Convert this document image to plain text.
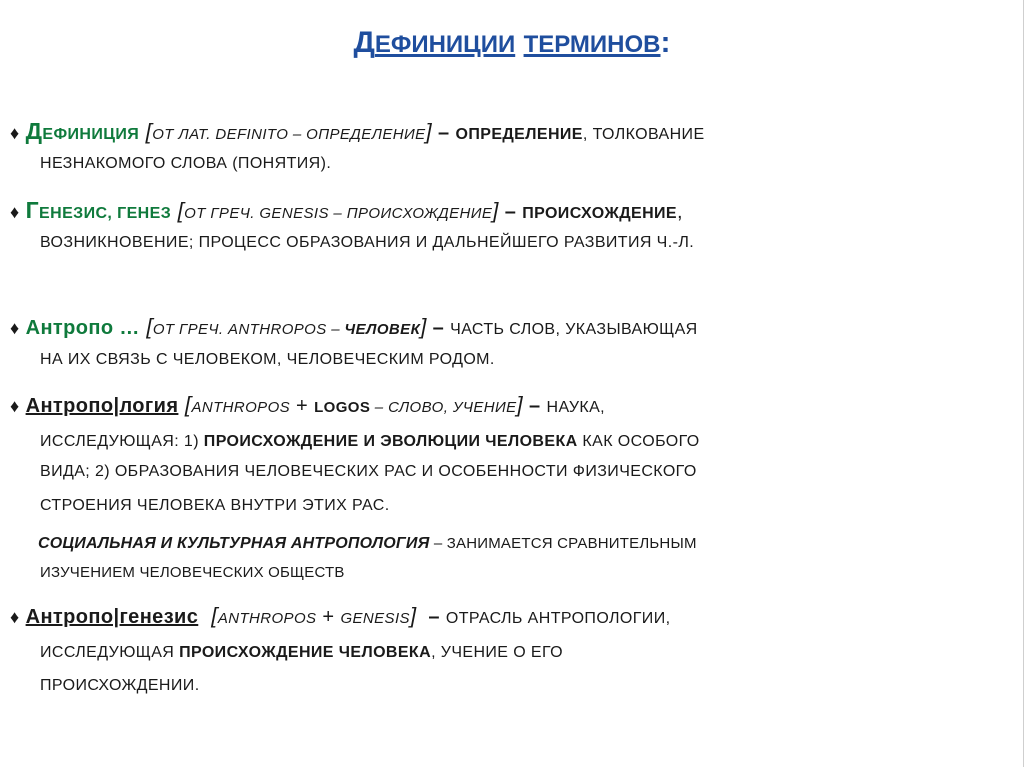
ДЕФИНИЦИИ ТЕРМИНОВ:
♦ ДЕФИНИЦИЯ [ОТ ЛАТ. DEFINITO – ОПРЕДЕЛЕНИЕ] – ОПРЕДЕЛЕНИЕ, ТОЛКОВАНИЕ
НЕЗНАКОМОГО СЛОВА (ПОНЯТИЯ).
♦ ГЕНЕЗИС, ГЕНЕЗ [ОТ ГРЕЧ. GENESIS – ПРОИСХОЖДЕНИЕ] – ПРОИСХОЖДЕНИЕ,
ВОЗНИКНОВЕНИЕ; ПРОЦЕСС ОБРАЗОВАНИЯ И ДАЛЬНЕЙШЕГО РАЗВИТИЯ Ч.-Л.
♦ Антропо … [ОТ ГРЕЧ. ANTHROPOS – ЧЕЛОВЕК] – ЧАСТЬ СЛОВ, УКАЗЫВАЮЩАЯ
НА ИХ СВЯЗЬ С ЧЕЛОВЕКОМ, ЧЕЛОВЕЧЕСКИМ РОДОМ.
♦ Антропо|логия [ANTHROPOS + LOGOS – СЛОВО, УЧЕНИЕ] – НАУКА,
ИССЛЕДУЮЩАЯ: 1) ПРОИСХОЖДЕНИЕ И ЭВОЛЮЦИИ ЧЕЛОВЕКА КАК ОСОБОГО
ВИДА; 2) ОБРАЗОВАНИЯ ЧЕЛОВЕЧЕСКИХ РАС И ОСОБЕННОСТИ ФИЗИЧЕСКОГО
СТРОЕНИЯ ЧЕЛОВЕКА ВНУТРИ ЭТИХ РАС.
СОЦИАЛЬНАЯ И КУЛЬТУРНАЯ АНТРОПОЛОГИЯ – ЗАНИМАЕТСЯ СРАВНИТЕЛЬНЫМ
ИЗУЧЕНИЕМ ЧЕЛОВЕЧЕСКИХ ОБЩЕСТВ
♦ Антропо|генезис  [ANTHROPOS + GENESIS]  – ОТРАСЛЬ АНТРОПОЛОГИИ,
ИССЛЕДУЮЩАЯ ПРОИСХОЖДЕНИЕ ЧЕЛОВЕКА, УЧЕНИЕ О ЕГО
ПРОИСХОЖДЕНИИ.
